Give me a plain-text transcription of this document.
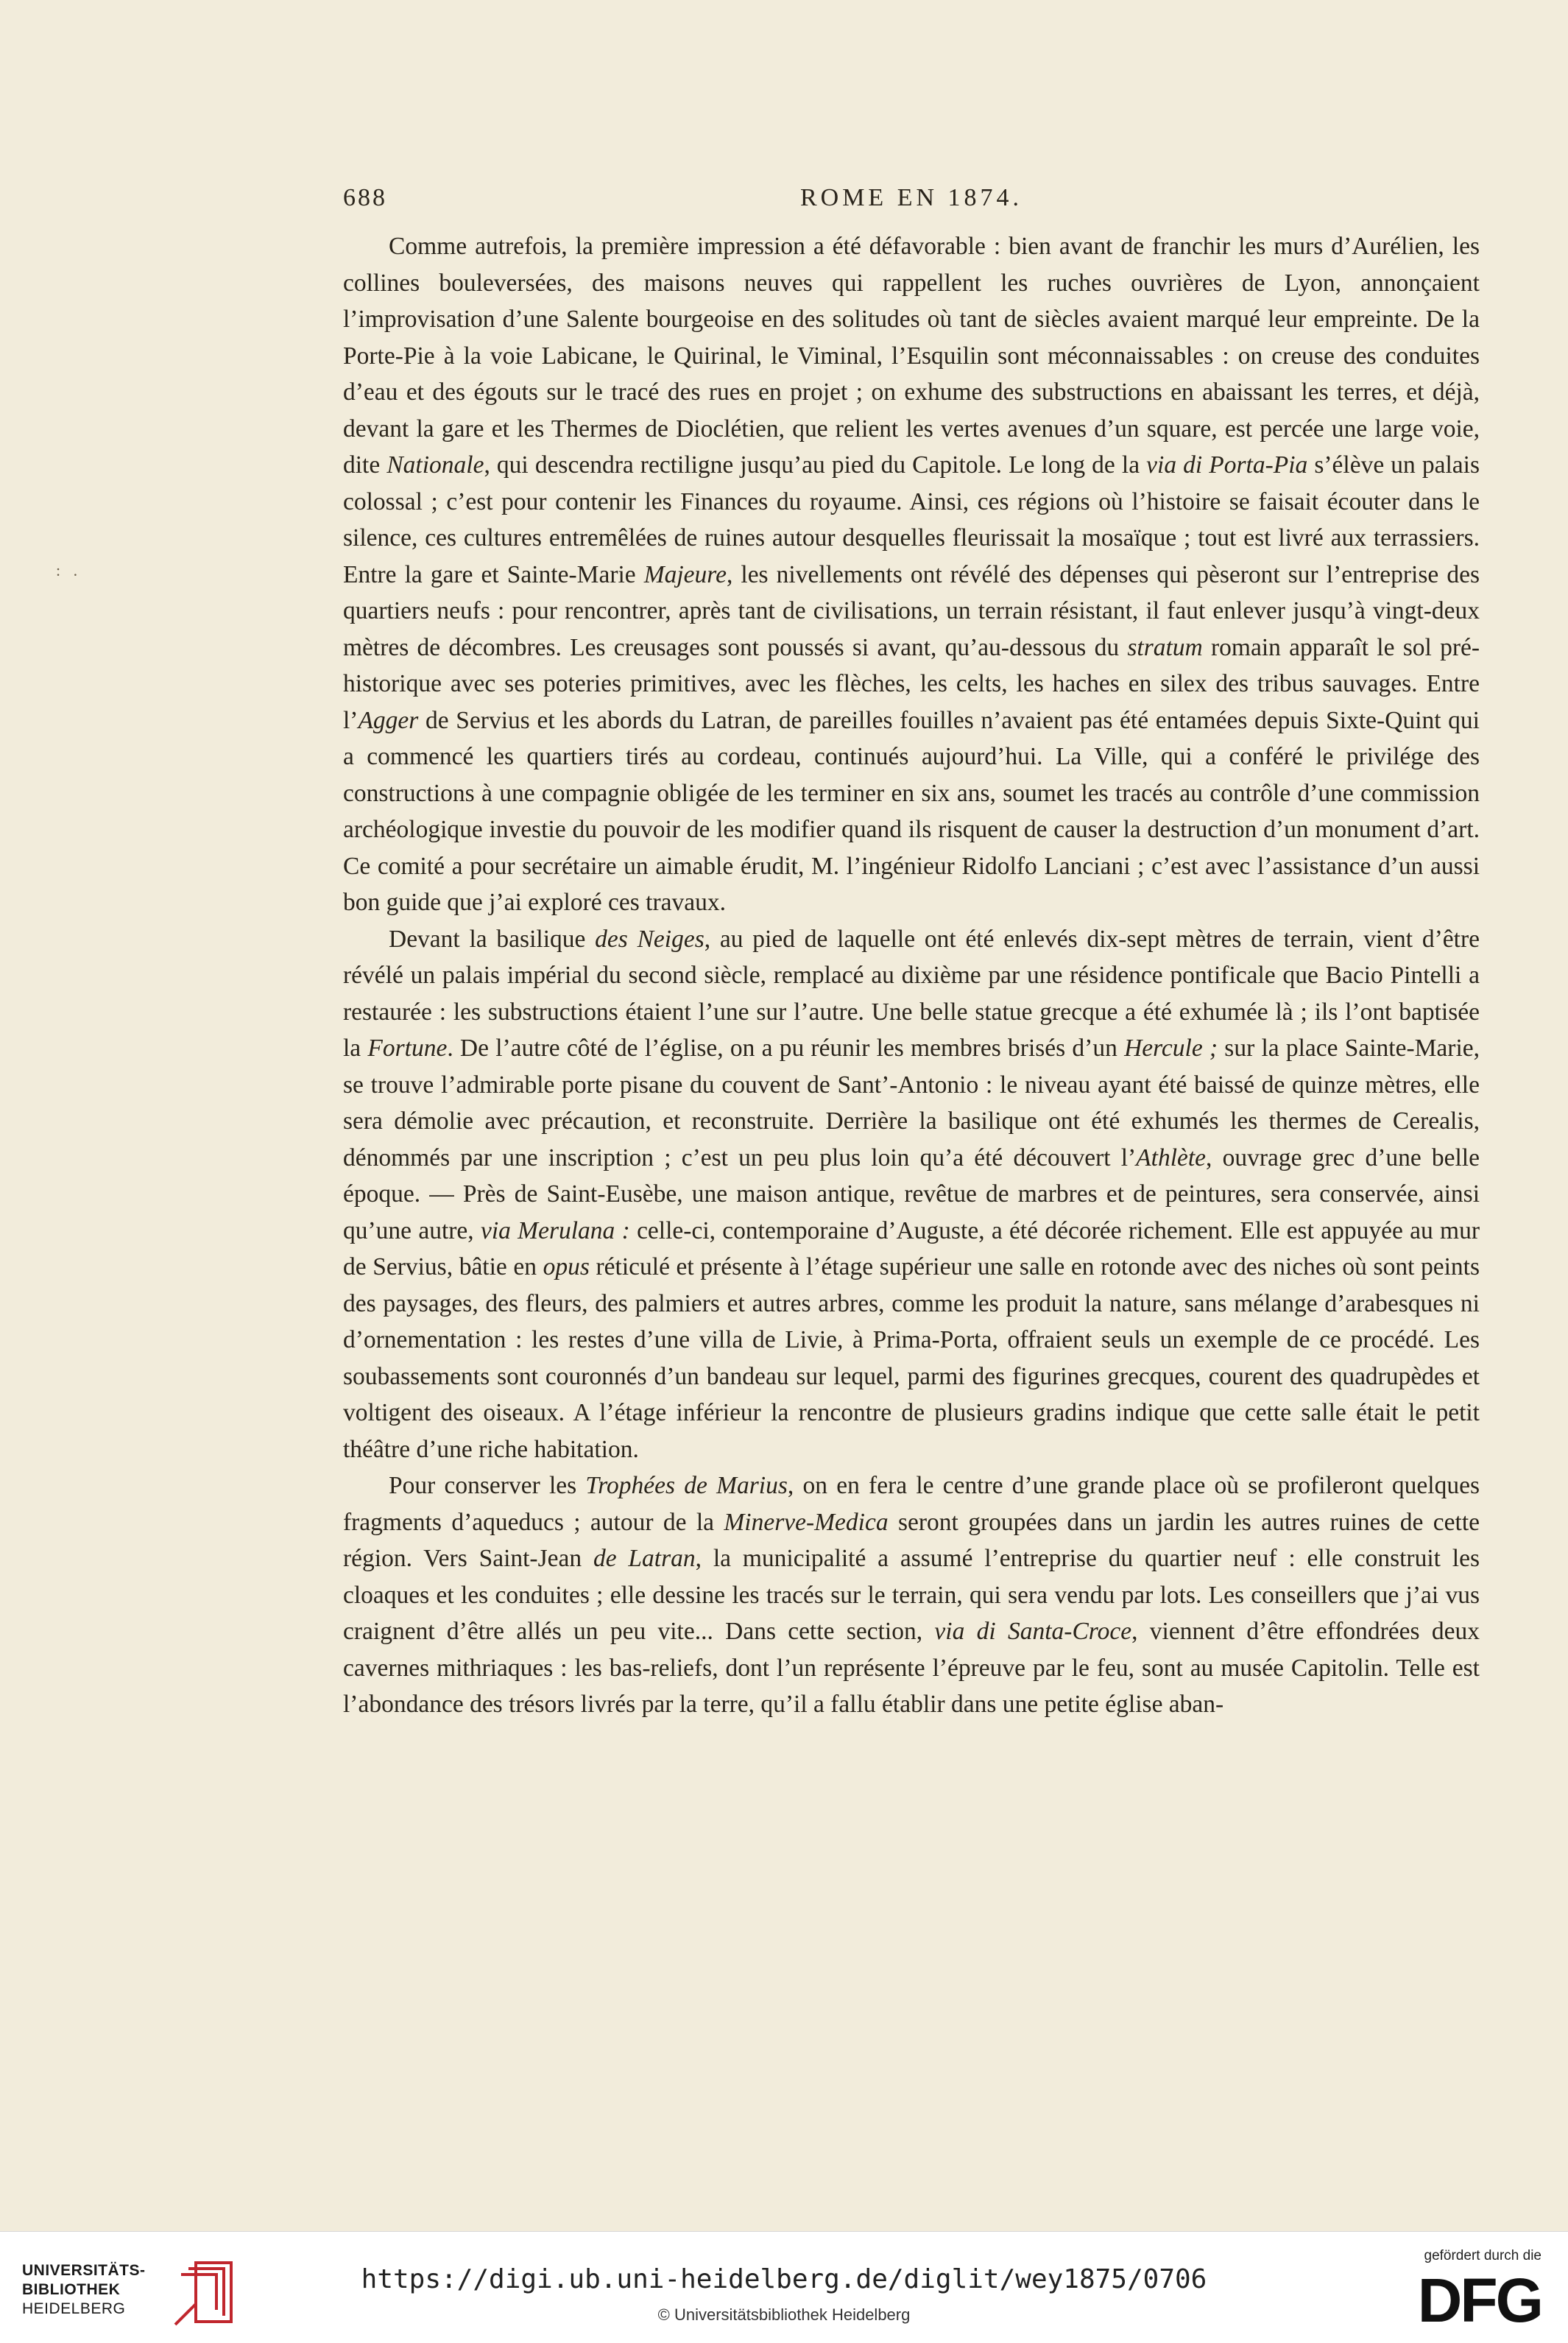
688	ROME EN 1874.
: .

Comme autrefois, la première impression a été défavorable : bien avant de franchir les murs d’Aurélien, les collines bouleversées, des maisons neuves qui rappellent les ruches ouvrières de Lyon, annonçaient l’improvisation d’une Salente bourgeoise en des solitudes où tant de siècles avaient marqué leur empreinte. De la Porte-Pie à la voie Labicane, le Quirinal, le Viminal, l’Esquilin sont méconnaissables : on creuse des conduites d’eau et des égouts sur le tracé des rues en projet ; on exhume des substructions en abaissant les terres, et déjà, devant la gare et les Thermes de Dioclétien, que relient les vertes avenues d’un square, est percée une large voie, dite Nationale, qui descendra rectiligne jusqu’au pied du Capitole. Le long de la via di Porta-Pia s’élève un palais colossal ; c’est pour contenir les Finances du royaume. Ainsi, ces régions où l’histoire se faisait écouter dans le silence, ces cultures entremêlées de ruines autour desquelles fleurissait la mosaïque ; tout est livré aux terrassiers. Entre la gare et Sainte-Marie Majeure, les nivellements ont révélé des dépenses qui pèseront sur l’entreprise des quartiers neufs : pour rencontrer, après tant de civilisations, un terrain résistant, il faut enlever jusqu’à vingt-deux mètres de décombres. Les creusages sont poussés si avant, qu’au-dessous du stratum romain apparaît le sol pré-historique avec ses poteries primitives, avec les flèches, les celts, les haches en silex des tribus sauvages. Entre l’Agger de Servius et les abords du Latran, de pareilles fouilles n’avaient pas été entamées depuis Sixte-Quint qui a commencé les quartiers tirés au cordeau, continués aujourd’hui. La Ville, qui a conféré le privilége des constructions à une compagnie obligée de les terminer en six ans, soumet les tracés au contrôle d’une commission archéologique investie du pouvoir de les modifier quand ils risquent de causer la destruction d’un monument d’art. Ce comité a pour secrétaire un aimable érudit, M. l’ingénieur Ridolfo Lanciani ; c’est avec l’assistance d’un aussi bon guide que j’ai exploré ces travaux.

Devant la basilique des Neiges, au pied de laquelle ont été enlevés dix-sept mètres de terrain, vient d’être révélé un palais impérial du second siècle, remplacé au dixième par une résidence pontificale que Bacio Pintelli a restaurée : les substructions étaient l’une sur l’autre. Une belle statue grecque a été exhumée là ; ils l’ont baptisée la Fortune. De l’autre côté de l’église, on a pu réunir les membres brisés d’un Hercule ; sur la place Sainte-Marie, se trouve l’admirable porte pisane du couvent de Sant’-Antonio : le niveau ayant été baissé de quinze mètres, elle sera démolie avec précaution, et reconstruite. Derrière la basilique ont été exhumés les thermes de Cerealis, dénommés par une inscription ; c’est un peu plus loin qu’a été découvert l’Athlète, ouvrage grec d’une belle époque. — Près de Saint-Eusèbe, une maison antique, revêtue de marbres et de peintures, sera conservée, ainsi qu’une autre, via Merulana : celle-ci, contemporaine d’Auguste, a été décorée richement. Elle est appuyée au mur de Servius, bâtie en opus réticulé et présente à l’étage supérieur une salle en rotonde avec des niches où sont peints des paysages, des fleurs, des palmiers et autres arbres, comme les produit la nature, sans mélange d’arabesques ni d’ornementation : les restes d’une villa de Livie, à Prima-Porta, offraient seuls un exemple de ce procédé. Les soubassements sont couronnés d’un bandeau sur lequel, parmi des figurines grecques, courent des quadrupèdes et voltigent des oiseaux. A l’étage inférieur la rencontre de plusieurs gradins indique que cette salle était le petit théâtre d’une riche habitation.

Pour conserver les Trophées de Marius, on en fera le centre d’une grande place où se profileront quelques fragments d’aqueducs ; autour de la Minerve-Medica seront groupées dans un jardin les autres ruines de cette région. Vers Saint-Jean de Latran, la municipalité a assumé l’entreprise du quartier neuf : elle construit les cloaques et les conduites ; elle dessine les tracés sur le terrain, qui sera vendu par lots. Les conseillers que j’ai vus craignent d’être allés un peu vite... Dans cette section, via di Santa-Croce, viennent d’être effondrées deux cavernes mithriaques : les bas-reliefs, dont l’un représente l’épreuve par le feu, sont au musée Capitolin. Telle est l’abondance des trésors livrés par la terre, qu’il a fallu établir dans une petite église aban-

UNIVERSITÄTS-
BIBLIOTHEK
HEIDELBERG
https://digi.ub.uni-heidelberg.de/diglit/wey1875/0706
© Universitätsbibliothek Heidelberg
gefördert durch die
DFG
